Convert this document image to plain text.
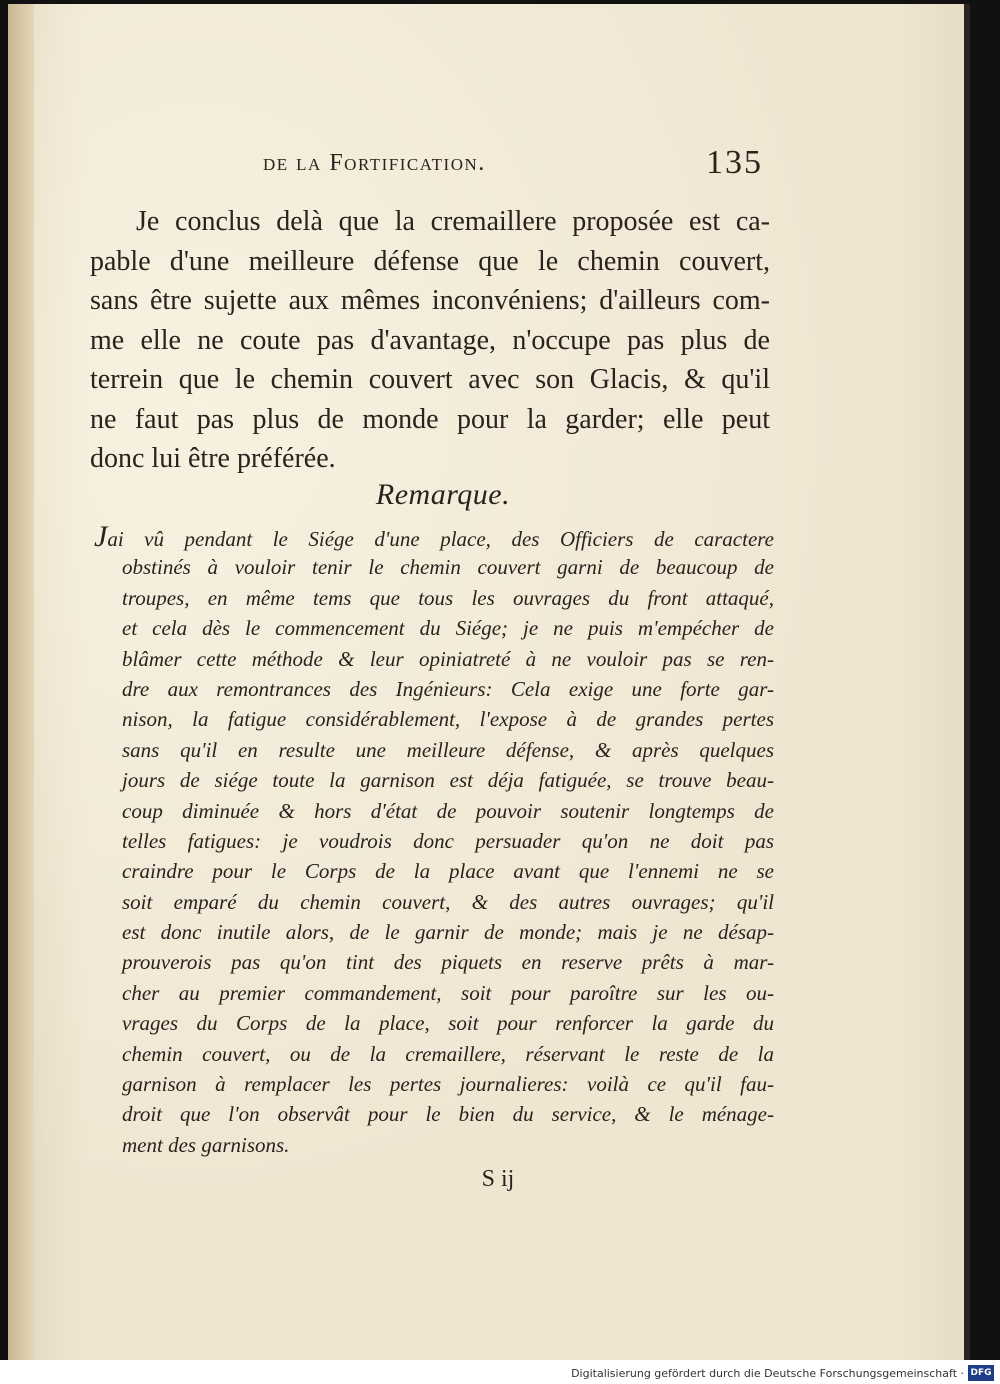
de la Fortification.	135
Je conclus delà que la cremaillere proposée est ca-
pable d'une meilleure défense que le chemin couvert,
sans être sujette aux mêmes inconvéniens; d'ailleurs com-
me elle ne coute pas d'avantage, n'occupe pas plus de
terrein que le chemin couvert avec son Glacis, & qu'il
ne faut pas plus de monde pour la garder; elle peut
donc lui être préférée.
Remarque.
Jai vû pendant le Siége d'une place, des Officiers de caractere
obstinés à vouloir tenir le chemin couvert garni de beaucoup de
troupes, en même tems que tous les ouvrages du front attaqué,
et cela dès le commencement du Siége; je ne puis m'empécher de
blâmer cette méthode & leur opiniatreté à ne vouloir pas se ren-
dre aux remontrances des Ingénieurs: Cela exige une forte gar-
nison, la fatigue considérablement, l'expose à de grandes pertes
sans qu'il en resulte une meilleure défense, & après quelques
jours de siége toute la garnison est déja fatiguée, se trouve beau-
coup diminuée & hors d'état de pouvoir soutenir longtemps de
telles fatigues: je voudrois donc persuader qu'on ne doit pas
craindre pour le Corps de la place avant que l'ennemi ne se
soit emparé du chemin couvert, & des autres ouvrages; qu'il
est donc inutile alors, de le garnir de monde; mais je ne désap-
prouverois pas qu'on tint des piquets en reserve prêts à mar-
cher au premier commandement, soit pour paroître sur les ou-
vrages du Corps de la place, soit pour renforcer la garde du
chemin couvert, ou de la cremaillere, réservant le reste de la
garnison à remplacer les pertes journalieres: voilà ce qu'il fau-
droit que l'on observât pour le bien du service, & le ménage-
ment des garnisons.
S ij
Digitalisierung gefördert durch die Deutsche Forschungsgemeinschaft · DFG
